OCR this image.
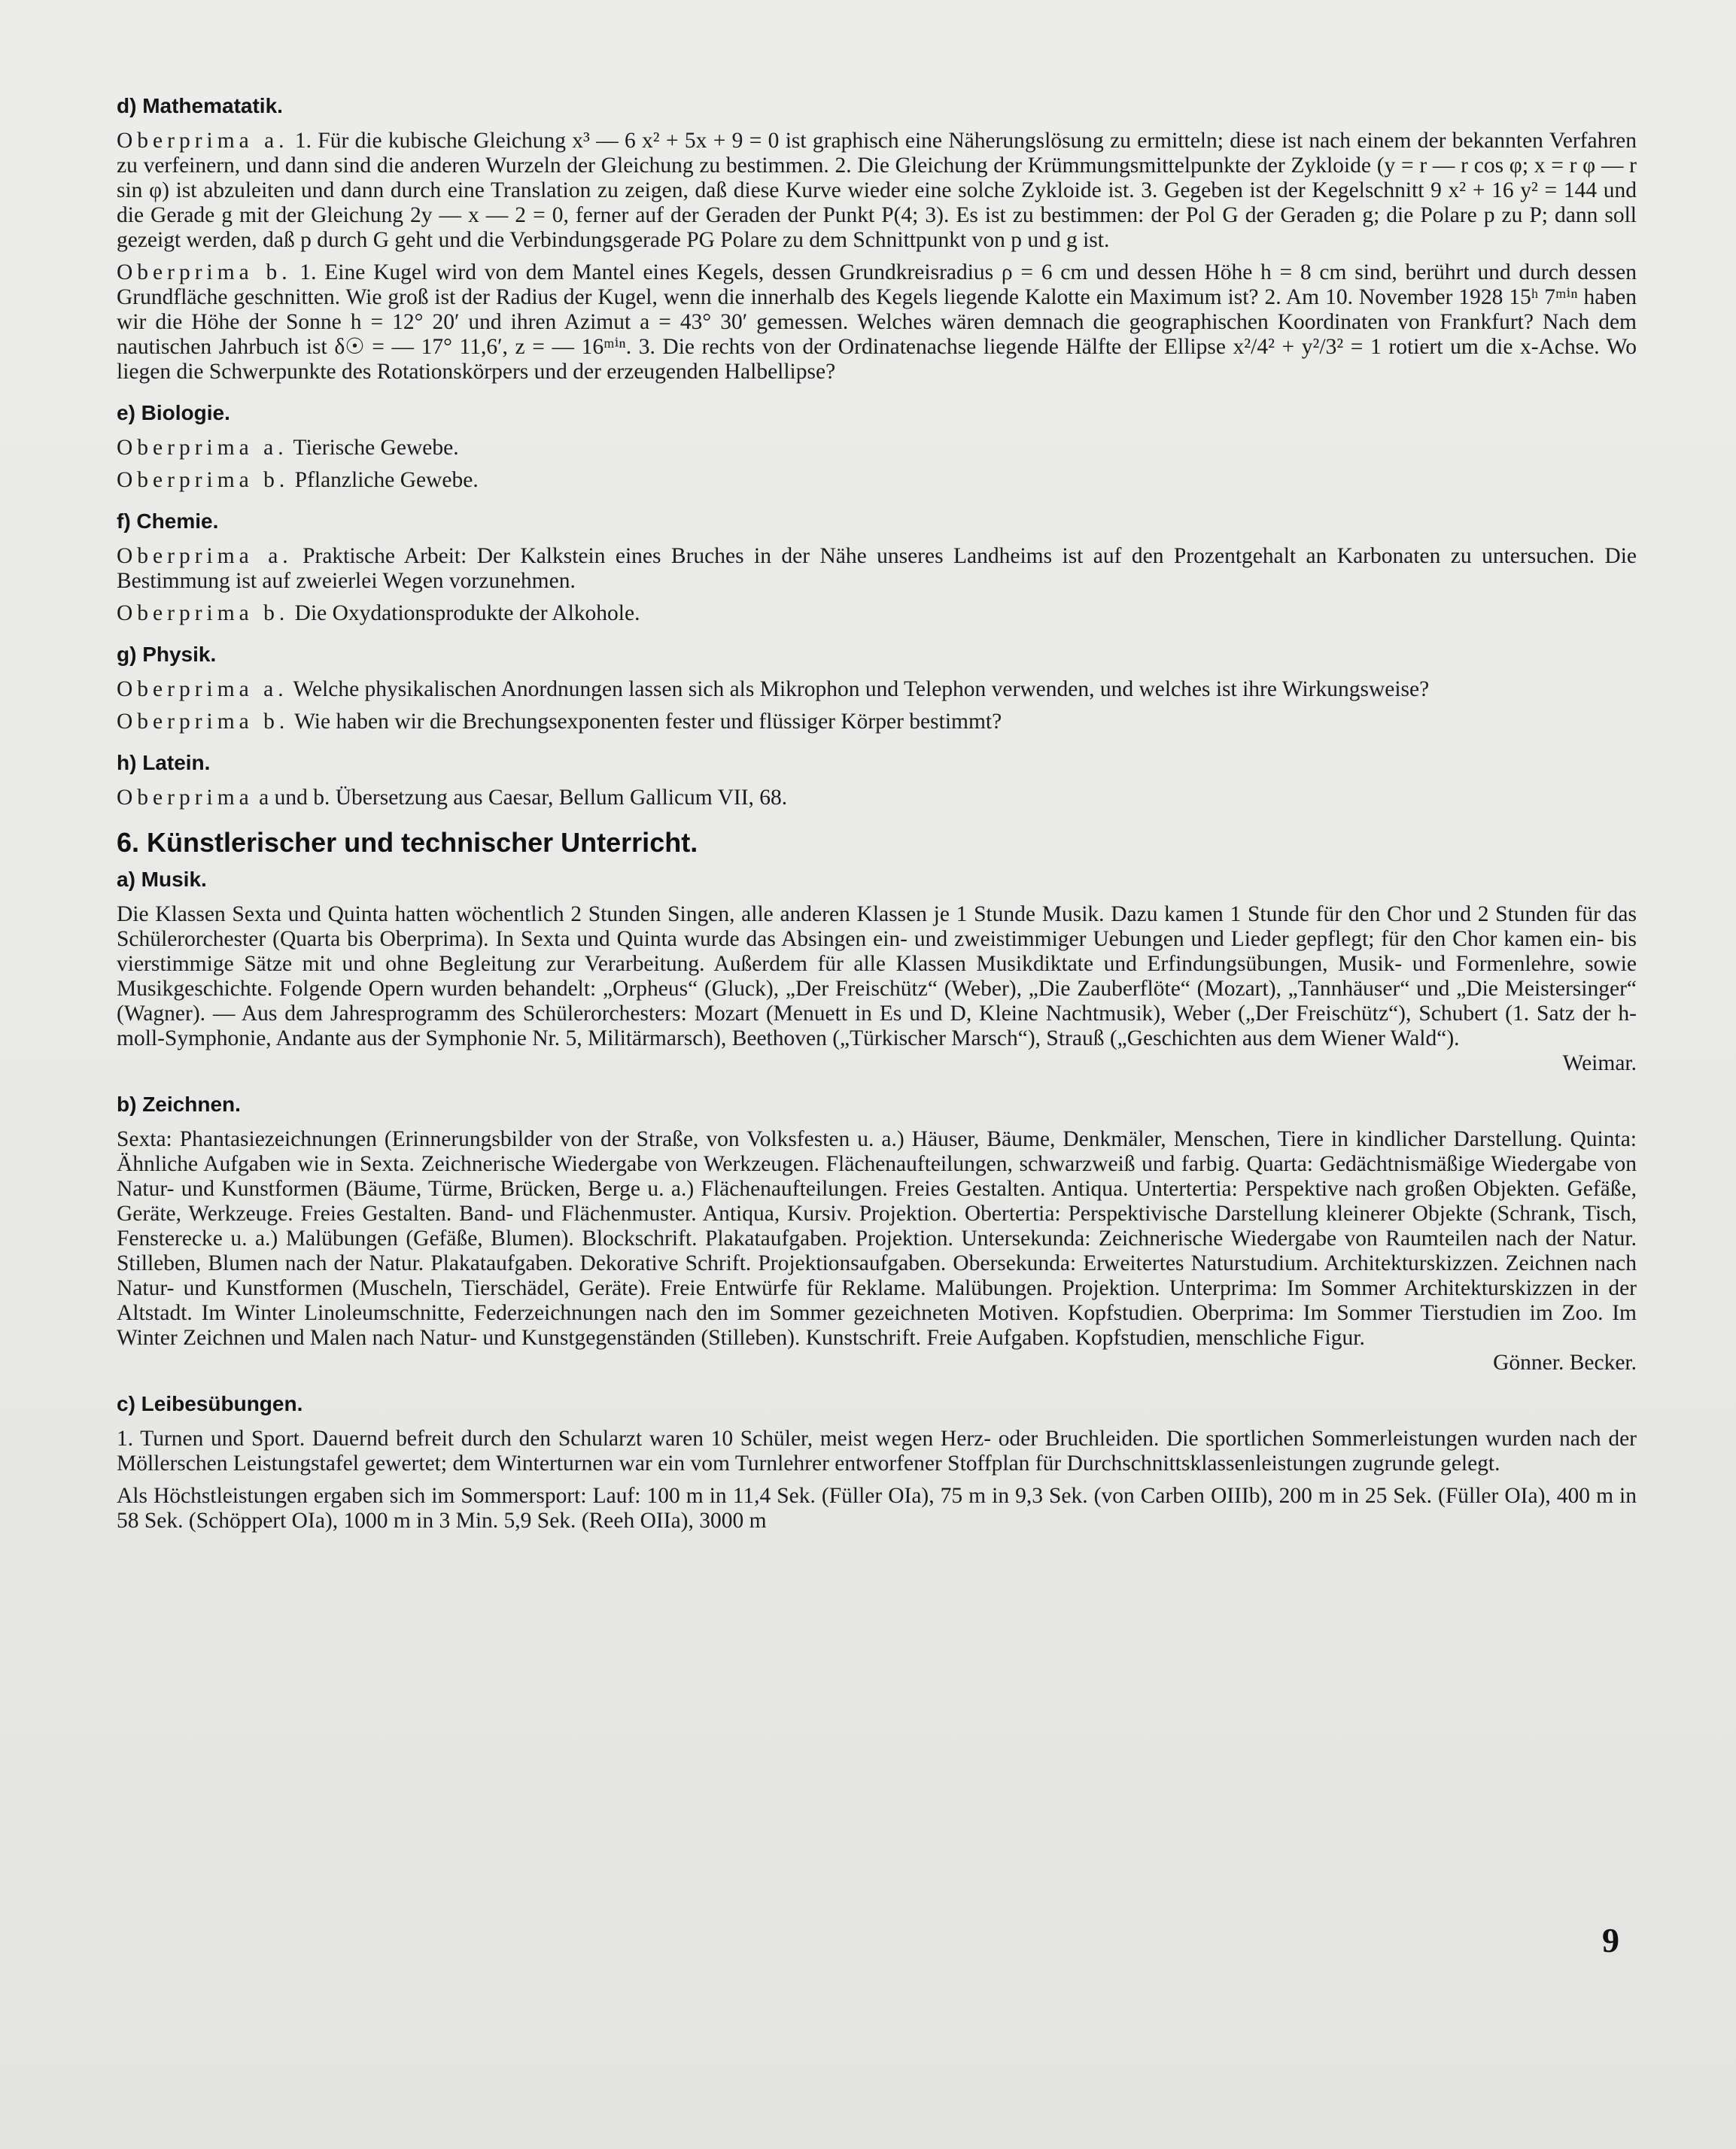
d) Mathematatik.

Oberprima a. 1. Für die kubische Gleichung x³ — 6 x² + 5x + 9 = 0 ist graphisch eine Näherungslösung zu ermitteln; diese ist nach einem der bekannten Verfahren zu verfeinern, und dann sind die anderen Wurzeln der Gleichung zu bestimmen. 2. Die Gleichung der Krümmungsmittelpunkte der Zykloide (y = r — r cos φ; x = r φ — r sin φ) ist abzuleiten und dann durch eine Translation zu zeigen, daß diese Kurve wieder eine solche Zykloide ist. 3. Gegeben ist der Kegelschnitt 9 x² + 16 y² = 144 und die Gerade g mit der Gleichung 2y — x — 2 = 0, ferner auf der Geraden der Punkt P(4; 3). Es ist zu bestimmen: der Pol G der Geraden g; die Polare p zu P; dann soll gezeigt werden, daß p durch G geht und die Verbindungsgerade PG Polare zu dem Schnittpunkt von p und g ist.

Oberprima b. 1. Eine Kugel wird von dem Mantel eines Kegels, dessen Grundkreisradius ρ = 6 cm und dessen Höhe h = 8 cm sind, berührt und durch dessen Grundfläche geschnitten. Wie groß ist der Radius der Kugel, wenn die innerhalb des Kegels liegende Kalotte ein Maximum ist? 2. Am 10. November 1928 15ʰ 7ᵐⁱⁿ haben wir die Höhe der Sonne h = 12° 20′ und ihren Azimut a = 43° 30′ gemessen. Welches wären demnach die geographischen Koordinaten von Frankfurt? Nach dem nautischen Jahrbuch ist δ☉ = — 17° 11,6′, z = — 16ᵐⁱⁿ. 3. Die rechts von der Ordinatenachse liegende Hälfte der Ellipse x²/4² + y²/3² = 1 rotiert um die x-Achse. Wo liegen die Schwerpunkte des Rotationskörpers und der erzeugenden Halbellipse?

e) Biologie.

Oberprima a. Tierische Gewebe.

Oberprima b. Pflanzliche Gewebe.

f) Chemie.

Oberprima a. Praktische Arbeit: Der Kalkstein eines Bruches in der Nähe unseres Landheims ist auf den Prozentgehalt an Karbonaten zu untersuchen. Die Bestimmung ist auf zweierlei Wegen vorzunehmen.

Oberprima b. Die Oxydationsprodukte der Alkohole.

g) Physik.

Oberprima a. Welche physikalischen Anordnungen lassen sich als Mikrophon und Telephon verwenden, und welches ist ihre Wirkungsweise?

Oberprima b. Wie haben wir die Brechungsexponenten fester und flüssiger Körper bestimmt?

h) Latein.

Oberprima a und b. Übersetzung aus Caesar, Bellum Gallicum VII, 68.

6. Künstlerischer und technischer Unterricht.
a) Musik.

Die Klassen Sexta und Quinta hatten wöchentlich 2 Stunden Singen, alle anderen Klassen je 1 Stunde Musik. Dazu kamen 1 Stunde für den Chor und 2 Stunden für das Schülerorchester (Quarta bis Oberprima). In Sexta und Quinta wurde das Absingen ein- und zweistimmiger Uebungen und Lieder gepflegt; für den Chor kamen ein- bis vierstimmige Sätze mit und ohne Begleitung zur Verarbeitung. Außerdem für alle Klassen Musikdiktate und Erfindungsübungen, Musik- und Formenlehre, sowie Musikgeschichte. Folgende Opern wurden behandelt: „Orpheus“ (Gluck), „Der Freischütz“ (Weber), „Die Zauberflöte“ (Mozart), „Tannhäuser“ und „Die Meistersinger“ (Wagner). — Aus dem Jahresprogramm des Schülerorchesters: Mozart (Menuett in Es und D, Kleine Nachtmusik), Weber („Der Freischütz“), Schubert (1. Satz der h-moll-Symphonie, Andante aus der Symphonie Nr. 5, Militärmarsch), Beethoven („Türkischer Marsch“), Strauß („Geschichten aus dem Wiener Wald“).
Weimar.

b) Zeichnen.

Sexta: Phantasiezeichnungen (Erinnerungsbilder von der Straße, von Volksfesten u. a.) Häuser, Bäume, Denkmäler, Menschen, Tiere in kindlicher Darstellung. Quinta: Ähnliche Aufgaben wie in Sexta. Zeichnerische Wiedergabe von Werkzeugen. Flächenaufteilungen, schwarzweiß und farbig. Quarta: Gedächtnismäßige Wiedergabe von Natur- und Kunstformen (Bäume, Türme, Brücken, Berge u. a.) Flächenaufteilungen. Freies Gestalten. Antiqua. Untertertia: Perspektive nach großen Objekten. Gefäße, Geräte, Werkzeuge. Freies Gestalten. Band- und Flächenmuster. Antiqua, Kursiv. Projektion. Obertertia: Perspektivische Darstellung kleinerer Objekte (Schrank, Tisch, Fensterecke u. a.) Malübungen (Gefäße, Blumen). Blockschrift. Plakataufgaben. Projektion. Untersekunda: Zeichnerische Wiedergabe von Raumteilen nach der Natur. Stilleben, Blumen nach der Natur. Plakataufgaben. Dekorative Schrift. Projektionsaufgaben. Obersekunda: Erweitertes Naturstudium. Architekturskizzen. Zeichnen nach Natur- und Kunstformen (Muscheln, Tierschädel, Geräte). Freie Entwürfe für Reklame. Malübungen. Projektion. Unterprima: Im Sommer Architekturskizzen in der Altstadt. Im Winter Linoleumschnitte, Federzeichnungen nach den im Sommer gezeichneten Motiven. Kopfstudien. Oberprima: Im Sommer Tierstudien im Zoo. Im Winter Zeichnen und Malen nach Natur- und Kunstgegenständen (Stilleben). Kunstschrift. Freie Aufgaben. Kopfstudien, menschliche Figur.
Gönner. Becker.

c) Leibesübungen.

1. Turnen und Sport. Dauernd befreit durch den Schularzt waren 10 Schüler, meist wegen Herz- oder Bruchleiden. Die sportlichen Sommerleistungen wurden nach der Möllerschen Leistungstafel gewertet; dem Winterturnen war ein vom Turnlehrer entworfener Stoffplan für Durchschnittsklassenleistungen zugrunde gelegt.

Als Höchstleistungen ergaben sich im Sommersport: Lauf: 100 m in 11,4 Sek. (Füller OIa), 75 m in 9,3 Sek. (von Carben OIIIb), 200 m in 25 Sek. (Füller OIa), 400 m in 58 Sek. (Schöppert OIa), 1000 m in 3 Min. 5,9 Sek. (Reeh OIIa), 3000 m

9
